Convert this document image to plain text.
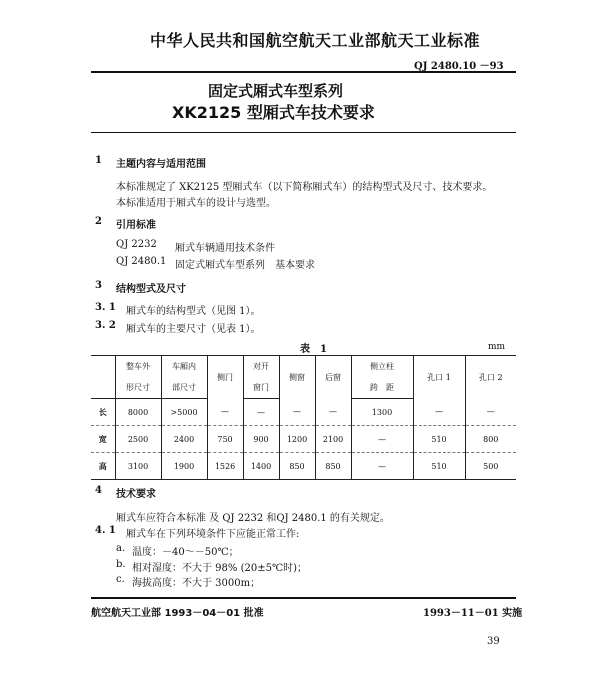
中华人民共和国航空航天工业部航天工业标准
QJ 2480.10 －93
固定式厢式车型系列
XK2125 型厢式车技术要求
1 主题内容与适用范围
本标准规定了 XK2125 型厢式车（以下简称厢式车）的结构型式及尺寸、技术要求。
本标准适用于厢式车的设计与选型。
2 引用标准
QJ 2232 厢式车辆通用技术条件
QJ 2480.1 固定式厢式车型系列　基本要求
3 结构型式及尺寸
3. 1 厢式车的结构型式（见图 1）。
3. 2 厢式车的主要尺寸（见表 1）。
表　1	mm
	整车外	车厢内	侧门	对开	侧窗	后窗	侧立柱	孔口 1	孔口 2
	形尺寸	部尺寸		窗门			跨　距		
长	8000	>5000	—	—	—	—	1300	—	—
宽	2500	2400	750	900	1200	2100	—	510	800
高	3100	1900	1526	1400	850	850	—	510	500
4 技术要求
厢式车应符合本标准 及 QJ 2232 和QJ 2480.1 的有关规定。
4. 1 厢式车在下列环境条件下应能正常工作:
a. 温度：－40～－50℃；
b. 相对湿度：不大于 98% (20±5℃时)；
c. 海拔高度：不大于 3000m；
航空航天工业部 1993－04－01 批准	1993－11－01 实施
39
